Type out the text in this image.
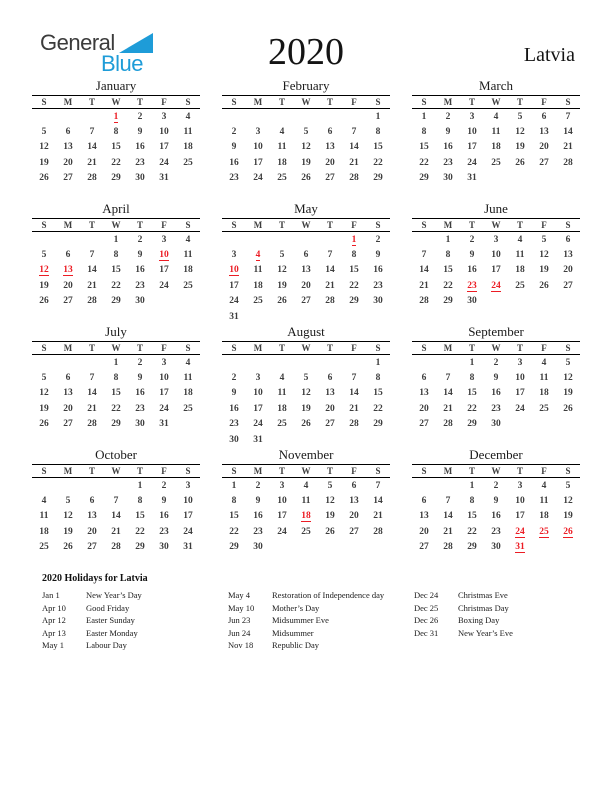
General
Blue	2020	Latvia
January
S	M	T	W	T	F	S
			1	2	3	4
5	6	7	8	9	10	11
12	13	14	15	16	17	18
19	20	21	22	23	24	25
26	27	28	29	30	31	
February
S	M	T	W	T	F	S
						1
2	3	4	5	6	7	8
9	10	11	12	13	14	15
16	17	18	19	20	21	22
23	24	25	26	27	28	29
March
S	M	T	W	T	F	S
1	2	3	4	5	6	7
8	9	10	11	12	13	14
15	16	17	18	19	20	21
22	23	24	25	26	27	28
29	30	31				
April
S	M	T	W	T	F	S
			1	2	3	4
5	6	7	8	9	10	11
12	13	14	15	16	17	18
19	20	21	22	23	24	25
26	27	28	29	30		
May
S	M	T	W	T	F	S
					1	2
3	4	5	6	7	8	9
10	11	12	13	14	15	16
17	18	19	20	21	22	23
24	25	26	27	28	29	30
31						
June
S	M	T	W	T	F	S
	1	2	3	4	5	6
7	8	9	10	11	12	13
14	15	16	17	18	19	20
21	22	23	24	25	26	27
28	29	30				
July
S	M	T	W	T	F	S
			1	2	3	4
5	6	7	8	9	10	11
12	13	14	15	16	17	18
19	20	21	22	23	24	25
26	27	28	29	30	31	
August
S	M	T	W	T	F	S
						1
2	3	4	5	6	7	8
9	10	11	12	13	14	15
16	17	18	19	20	21	22
23	24	25	26	27	28	29
30	31					
September
S	M	T	W	T	F	S
		1	2	3	4	5
6	7	8	9	10	11	12
13	14	15	16	17	18	19
20	21	22	23	24	25	26
27	28	29	30			
October
S	M	T	W	T	F	S
				1	2	3
4	5	6	7	8	9	10
11	12	13	14	15	16	17
18	19	20	21	22	23	24
25	26	27	28	29	30	31
November
S	M	T	W	T	F	S
1	2	3	4	5	6	7
8	9	10	11	12	13	14
15	16	17	18	19	20	21
22	23	24	25	26	27	28
29	30					
December
S	M	T	W	T	F	S
		1	2	3	4	5
6	7	8	9	10	11	12
13	14	15	16	17	18	19
20	21	22	23	24	25	26
27	28	29	30	31		
2020 Holidays for Latvia
Jan 1	New Year’s Day
Apr 10	Good Friday
Apr 12	Easter Sunday
Apr 13	Easter Monday
May 1	Labour Day
May 4	Restoration of Independence day
May 10	Mother’s Day
Jun 23	Midsummer Eve
Jun 24	Midsummer
Nov 18	Republic Day
Dec 24	Christmas Eve
Dec 25	Christmas Day
Dec 26	Boxing Day
Dec 31	New Year’s Eve
